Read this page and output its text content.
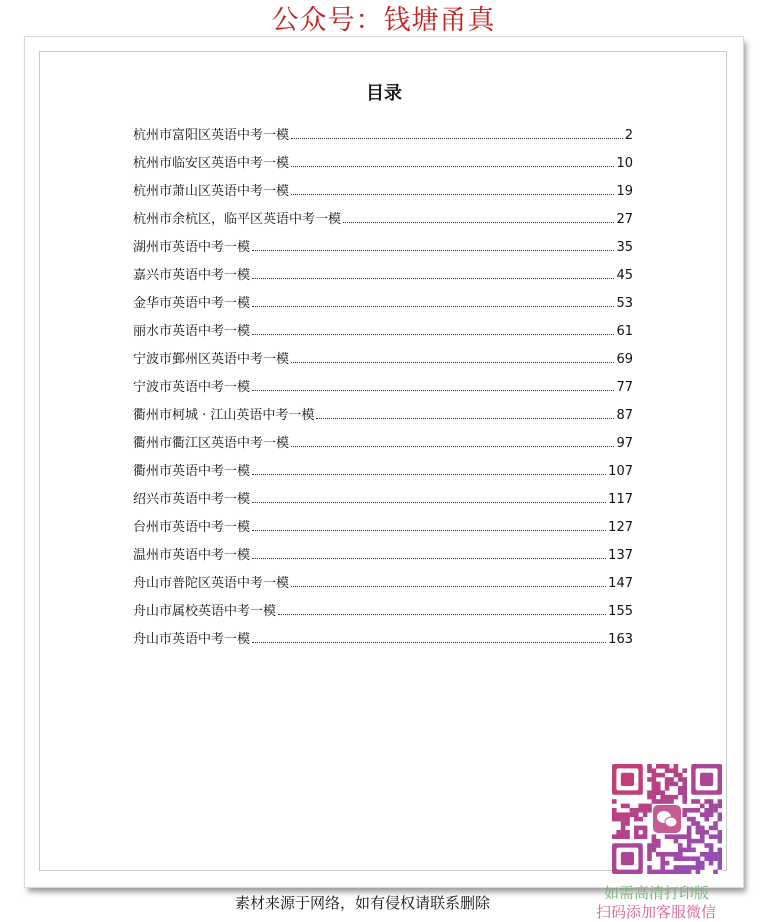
公众号：钱塘甬真
目录
杭州市富阳区英语中考一模	2
杭州市临安区英语中考一模	10
杭州市萧山区英语中考一模	19
杭州市余杭区，临平区英语中考一模	27
湖州市英语中考一模	35
嘉兴市英语中考一模	45
金华市英语中考一模	53
丽水市英语中考一模	61
宁波市鄞州区英语中考一模	69
宁波市英语中考一模	77
衢州市柯城 · 江山英语中考一模	87
衢州市衢江区英语中考一模	97
衢州市英语中考一模	107
绍兴市英语中考一模	117
台州市英语中考一模	127
温州市英语中考一模	137
舟山市普陀区英语中考一模	147
舟山市属校英语中考一模	155
舟山市英语中考一模	163
素材来源于网络，如有侵权请联系删除
如需高清打印版
扫码添加客服微信
